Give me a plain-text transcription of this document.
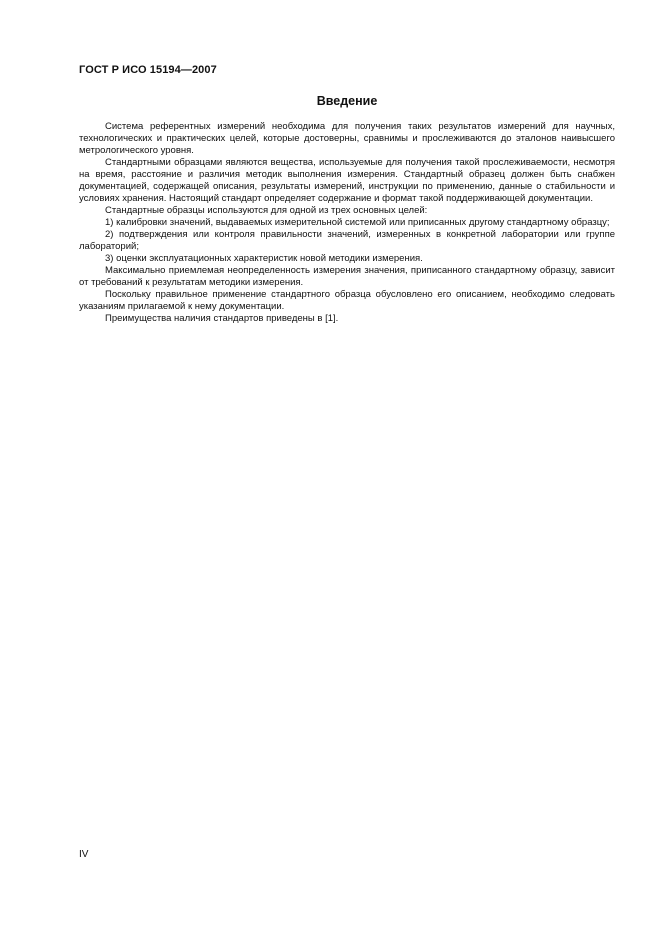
ГОСТ Р ИСО 15194—2007
Введение

Система референтных измерений необходима для получения таких результатов измерений для научных, технологических и практических целей, которые достоверны, сравнимы и прослеживаются до эталонов наивысшего метрологического уровня.

Стандартными образцами являются вещества, используемые для получения такой прослеживаемости, несмотря на время, расстояние и различия методик выполнения измерения. Стандартный образец должен быть снабжен документацией, содержащей описания, результаты измерений, инструкции по применению, данные о стабильности и условиях хранения. Настоящий стандарт определяет содержание и формат такой поддерживающей документации.

Стандартные образцы используются для одной из трех основных целей:

1) калибровки значений, выдаваемых измерительной системой или приписанных другому стандартному образцу;

2) подтверждения или контроля правильности значений, измеренных в конкретной лаборатории или группе лабораторий;

3) оценки эксплуатационных характеристик новой методики измерения.

Максимально приемлемая неопределенность измерения значения, приписанного стандартному образцу, зависит от требований к результатам методики измерения.

Поскольку правильное применение стандартного образца обусловлено его описанием, необходимо следовать указаниям прилагаемой к нему документации.

Преимущества наличия стандартов приведены в [1].

IV
